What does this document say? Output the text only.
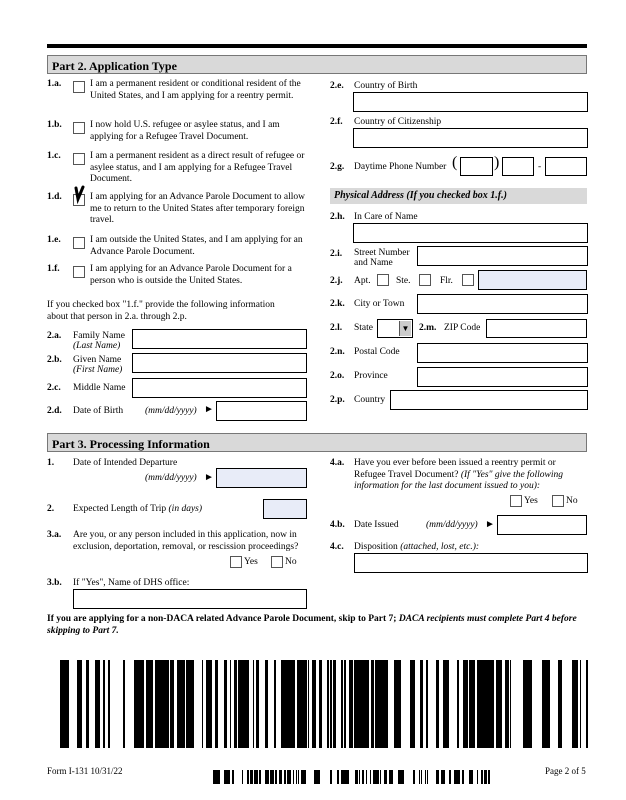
Part 2. Application Type
1.a.	I am a permanent resident or conditional resident of the United States, and I am applying for a reentry permit.
1.b.	I now hold U.S. refugee or asylee status, and I am applying for a Refugee Travel Document.
1.c.	I am a permanent resident as a direct result of refugee or asylee status, and I am applying for a Refugee Travel Document.
1.d.	I am applying for an Advance Parole Document to allow me to return to the United States after temporary foreign travel.
1.e.	I am outside the United States, and I am applying for an Advance Parole Document.
1.f.	I am applying for an Advance Parole Document for a person who is outside the United States.
If you checked box "1.f." provide the following information about that person in 2.a. through 2.p.
2.a. Family Name
(Last Name)
2.b. Given Name
(First Name)
2.c. Middle Name
2.d. Date of Birth (mm/dd/yyyy) ►
2.e. Country of Birth
2.f. Country of Citizenship
2.g. Daytime Phone Number ( )	-
Physical Address (If you checked box 1.f.)
2.h. In Care of Name
2.i. Street Number
and Name
2.j. Apt.	Ste.	Flr.
2.k. City or Town
2.l. State	▼ 2.m. ZIP Code
2.n. Postal Code
2.o. Province
2.p. Country
Part 3. Processing Information
1. Date of Intended Departure
(mm/dd/yyyy) ►
2. Expected Length of Trip (in days)
3.a. Are you, or any person included in this application, now in exclusion, deportation, removal, or rescission proceedings?
Yes	No
3.b. If "Yes", Name of DHS office:
4.a. Have you ever before been issued a reentry permit or Refugee Travel Document? (If "Yes" give the following information for the last document issued to you):
Yes	No
4.b. Date Issued	(mm/dd/yyyy) ►
4.c. Disposition (attached, lost, etc.):
If you are applying for a non-DACA related Advance Parole Document, skip to Part 7; DACA recipients must complete Part 4 before skipping to Part 7.
Form I-131 10/31/22	Page 2 of 5
